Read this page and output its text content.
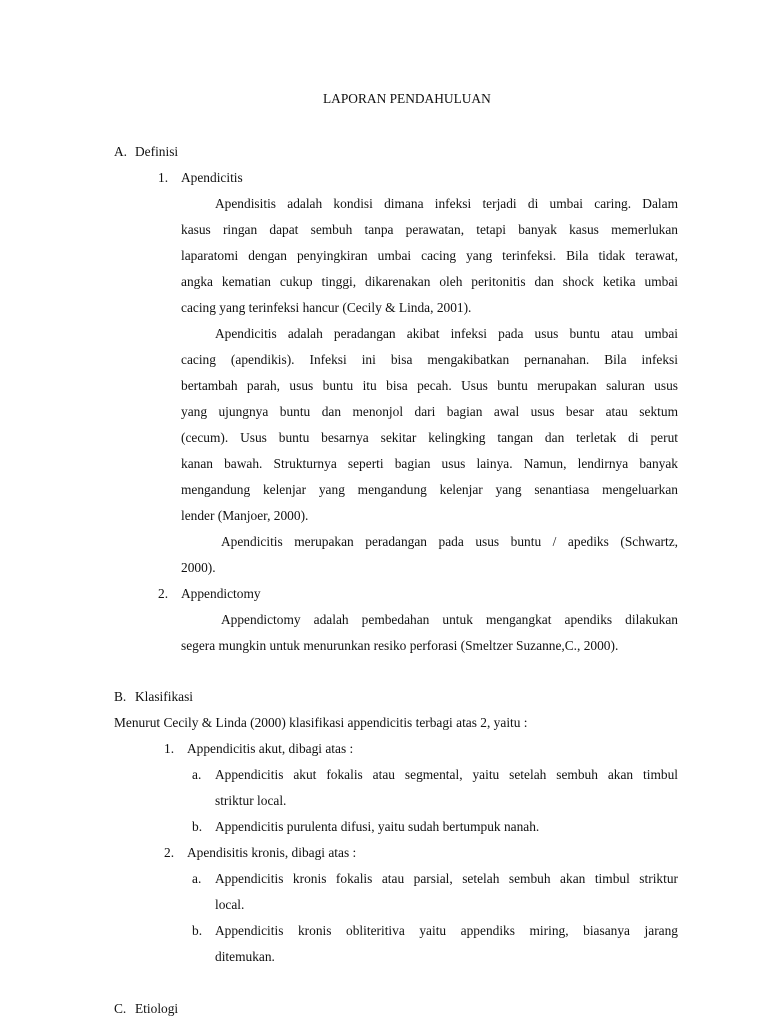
LAPORAN PENDAHULUAN
A. Definisi
1. Apendicitis
Apendisitis adalah kondisi dimana infeksi terjadi di umbai caring. Dalam
kasus ringan dapat sembuh tanpa perawatan, tetapi banyak kasus memerlukan
laparatomi dengan penyingkiran umbai cacing yang terinfeksi. Bila tidak terawat,
angka kematian cukup tinggi, dikarenakan oleh peritonitis dan shock ketika umbai
cacing yang terinfeksi hancur (Cecily & Linda, 2001).
Apendicitis adalah peradangan akibat infeksi pada usus buntu atau umbai
cacing (apendikis). Infeksi ini bisa mengakibatkan pernanahan. Bila infeksi
bertambah parah, usus buntu itu bisa pecah. Usus buntu merupakan saluran usus
yang ujungnya buntu dan menonjol dari bagian awal usus besar atau sektum
(cecum). Usus buntu besarnya sekitar kelingking tangan dan terletak di perut
kanan bawah. Strukturnya seperti bagian usus lainya. Namun, lendirnya banyak
mengandung kelenjar yang mengandung kelenjar yang senantiasa mengeluarkan
lender (Manjoer, 2000).
Apendicitis merupakan peradangan pada usus buntu / apediks (Schwartz,
2000).
2. Appendictomy
Appendictomy adalah pembedahan untuk mengangkat apendiks dilakukan
segera mungkin untuk menurunkan resiko perforasi (Smeltzer Suzanne,C., 2000).
B. Klasifikasi
Menurut Cecily & Linda (2000) klasifikasi appendicitis terbagi atas 2, yaitu :
1. Appendicitis akut, dibagi atas :
a. Appendicitis akut fokalis atau segmental, yaitu setelah sembuh akan timbul
striktur local.
b. Appendicitis purulenta difusi, yaitu sudah bertumpuk nanah.
2. Apendisitis kronis, dibagi atas :
a. Appendicitis kronis fokalis atau parsial, setelah sembuh akan timbul striktur
local.
b. Appendicitis kronis obliteritiva yaitu appendiks miring, biasanya jarang
ditemukan.
C. Etiologi
